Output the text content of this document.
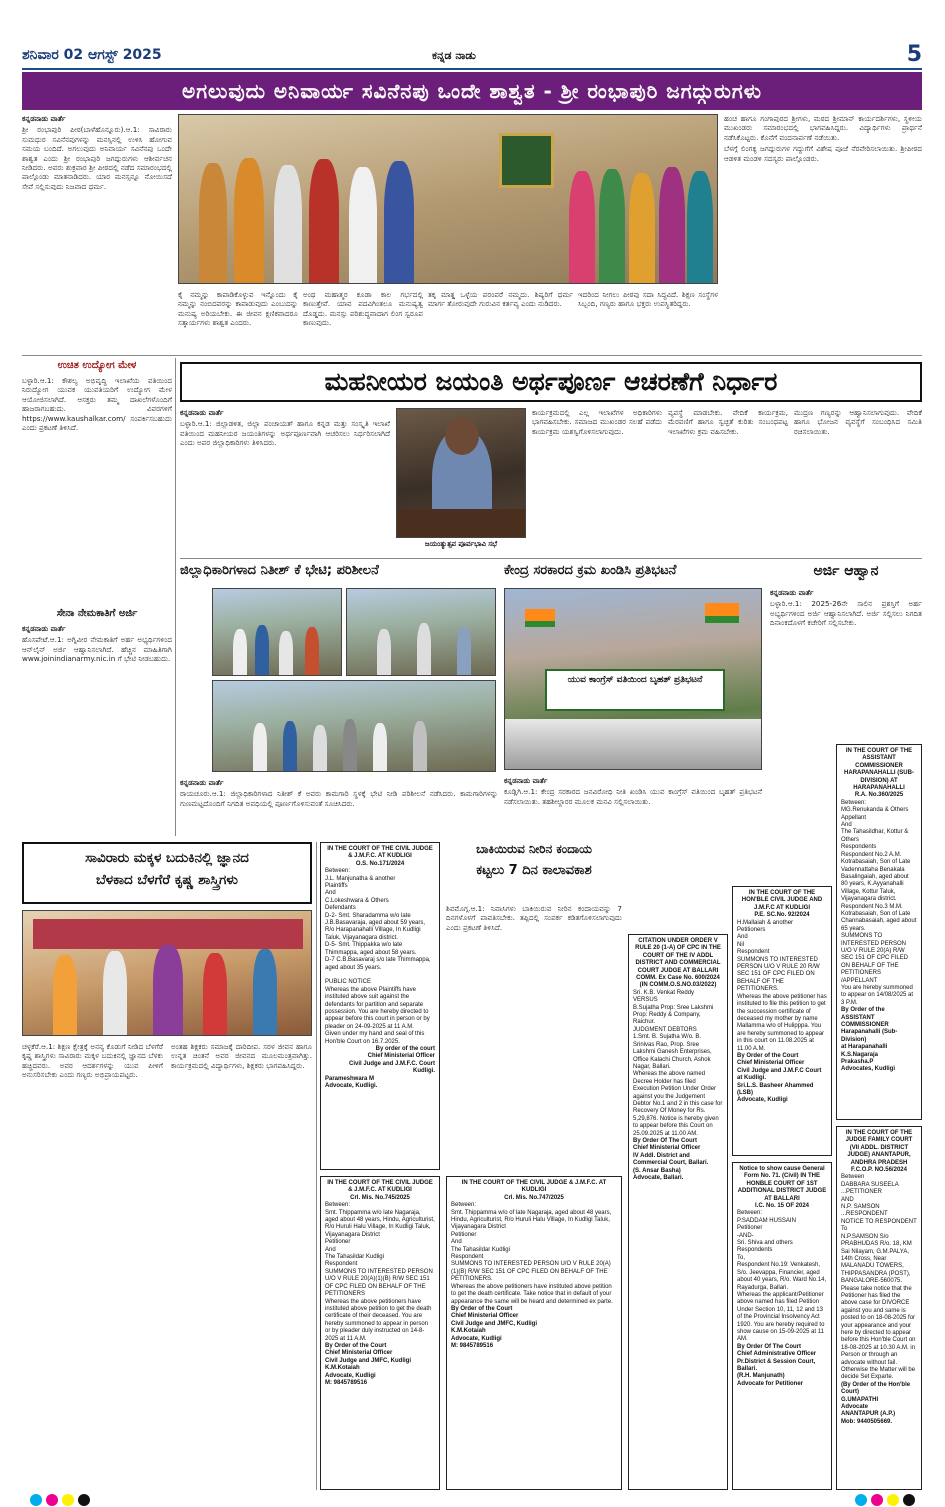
ಶನಿವಾರ 02 ಆಗಸ್ಟ್ 2025	ಕನ್ನಡ ನಾಡು	5
ಅಗಲುವುದು ಅನಿವಾರ್ಯ ಸವಿನೆನಪು ಒಂದೇ ಶಾಶ್ವತ - ಶ್ರೀ ರಂಭಾಪುರಿ ಜಗದ್ಗುರುಗಳು

ಕನ್ನಡನಾಡು ವಾರ್ತೆ

ಶ್ರೀ ರಂಭಾಪುರಿ ಪೀಠ(ಬಾಳೆಹೊನ್ನೂರು).ಆ.1: ಸಾವಿರಾರು ಸುಮಧುರ ಸವಿನೆನಪುಗಳನ್ನು ಮನಸ್ಸಿನಲ್ಲಿ ಉಳಿಸಿ ಹೋಗುವ ಸಮಯ ಬಂದಿದೆ. ಅಗಲುವುದು ಅನಿವಾರ್ಯ ಸವಿನೆನಪು ಒಂದೇ ಶಾಶ್ವತ ಎಂದು ಶ್ರೀ ರಂಭಾಪುರಿ ಜಗದ್ಗುರುಗಳು ಆಶೀರ್ವಚನ ನೀಡಿದರು. ಅವರು ಶುಕ್ರವಾರ ಶ್ರೀ ಪೀಠದಲ್ಲಿ ನಡೆದ ಸಮಾರಂಭದಲ್ಲಿ ಪಾಲ್ಗೊಂಡು ಮಾತನಾಡಿದರು. ಯಾರ ಮನಸ್ಸನ್ನೂ ನೋಯಿಸದೆ ಸೇವೆ ಸಲ್ಲಿಸುವುದು ನಿಜವಾದ ಧರ್ಮ.

ಹಂಚ ಹಾಗೂ ಗಂಗಾಪುರದ ಶ್ರೀಗಳು, ಮಠದ ಶ್ರೀಮಾನ್ ಕಾರ್ಯದರ್ಶಿಗಳು, ಸ್ಥಳೀಯ ಮುಖಂಡರು ಸಮಾರಂಭದಲ್ಲಿ ಭಾಗವಹಿಸಿದ್ದರು. ವಿದ್ಯಾರ್ಥಿಗಳು ಪ್ರಾರ್ಥನೆ ನಡೆಸಿಕೊಟ್ಟರು. ಕೊನೆಗೆ ವಂದನಾರ್ಪಣೆ ನಡೆಯಿತು.

ಬೆಳಗ್ಗೆ ಲಿಂಗಕ್ಯ ಜಗದ್ಗುರುಗಳ ಗದ್ದುಗೆಗೆ ವಿಶೇಷ ಪೂಜೆ ನೆರವೇರಿಸಲಾಯಿತು. ಶ್ರೀಪೀಠದ ಆಡಳಿತ ಮಂಡಳಿ ಸದಸ್ಯರು ಪಾಲ್ಗೊಂಡರು.

ಕೈ ನಮ್ಮನ್ನು ಕಾಪಾಡಿಕೊಳ್ಳುವ ಇನ್ನೊಂದು ಕೈ ನಮ್ಮನ್ನು ನಂಬಿದವರನ್ನು ಕಾಪಾಡುವುದು ಎಂಬುದನ್ನು ಮನುಷ್ಯ ಅರಿಯಬೇಕು. ಈ ಜೀವನ ಕ್ಷಣಿಕವಾದರೂ ಸತ್ಕಾರ್ಯಗಳು ಶಾಶ್ವತ ಎಂದರು.

ಅಂಥ ಮಹಾತ್ಮರ ಕೂಡಾ ಕಾಲ ಗರ್ಭದಲ್ಲಿ ಕಾಣುತ್ತೇವೆ. ಯಾವ ಪದವಿಗಿಂತಲೂ ಮನುಷ್ಯತ್ವ ದೊಡ್ಡದು. ಮನಸ್ಸು ಪರಿಶುದ್ಧವಾದಾಗ ಲಿಂಗ ಸ್ವರೂಪ ಕಾಣುವುದು.

ತಕ್ಕ ಮಾತ್ಡ ಒಳ್ಳೆಯ ಪರಂಪರೆ ನಮ್ಮದು. ಶಿಷ್ಯರಿಗೆ ಧರ್ಮ ಮಾರ್ಗ ತೋರುವುದೇ ಗುರುವಿನ ಕರ್ತವ್ಯ ಎಂದು ನುಡಿದರು.

ಇದರಿಂದ ನೀಗಲು ಪೀಠವು ಸದಾ ಸಿದ್ಧವಿದೆ. ಶಿಕ್ಷಣ ಸಂಸ್ಥೆಗಳ ಸಿಬ್ಬಂದಿ, ಗಣ್ಯರು ಹಾಗೂ ಭಕ್ತರು ಉಪಸ್ಥಿತರಿದ್ದರು.

ಉಚಿತ ಉದ್ಯೋಗ ಮೇಳ
ಬಳ್ಳಾರಿ.ಆ.1: ಕೌಶಲ್ಯ ಅಭಿವೃದ್ಧಿ ಇಲಾಖೆಯ ವತಿಯಿಂದ ನಿರುದ್ಯೋಗ ಯುವಕ ಯುವತಿಯರಿಗೆ ಉದ್ಯೋಗ ಮೇಳ ಆಯೋಜಿಸಲಾಗಿದೆ. ಆಸಕ್ತರು ತಮ್ಮ ದಾಖಲೆಗಳೊಂದಿಗೆ ಹಾಜರಾಗಬಹುದು. ವಿವರಗಳಿಗೆ https://www.kaushalkar.com/ ಸಂಪರ್ಕಿಸಬಹುದು ಎಂದು ಪ್ರಕಟಣೆ ತಿಳಿಸಿದೆ.
ಸೇನಾ ನೇಮಕಾತಿಗೆ ಅರ್ಜಿ

ಕನ್ನಡನಾಡು ವಾರ್ತೆ

ಹೊಸಪೇಟೆ.ಆ.1: ಅಗ್ನಿವೀರ ನೇಮಕಾತಿಗೆ ಅರ್ಹ ಅಭ್ಯರ್ಥಿಗಳಿಂದ ಆನ್‌ಲೈನ್ ಅರ್ಜಿ ಆಹ್ವಾನಿಸಲಾಗಿದೆ. ಹೆಚ್ಚಿನ ಮಾಹಿತಿಗಾಗಿ www.joinindianarmy.nic.in ಗೆ ಭೇಟಿ ನೀಡಬಹುದು.

ಮಹನೀಯರ ಜಯಂತಿ ಅರ್ಥಪೂರ್ಣ ಆಚರಣೆಗೆ ನಿರ್ಧಾರ

ಕನ್ನಡನಾಡು ವಾರ್ತೆ

ಬಳ್ಳಾರಿ.ಆ.1: ಜಿಲ್ಲಾಡಳಿತ, ಜಿಲ್ಲಾ ಪಂಚಾಯತ್ ಹಾಗೂ ಕನ್ನಡ ಮತ್ತು ಸಂಸ್ಕೃತಿ ಇಲಾಖೆ ವತಿಯಿಂದ ಮಹನೀಯರ ಜಯಂತಿಗಳನ್ನು ಅರ್ಥಪೂರ್ಣವಾಗಿ ಆಚರಿಸಲು ನಿರ್ಧರಿಸಲಾಗಿದೆ ಎಂದು ಅಪರ ಜಿಲ್ಲಾಧಿಕಾರಿಗಳು ತಿಳಿಸಿದರು.

ಜಯಂತ್ಯುತ್ಸವ ಪೂರ್ವಭಾವಿ ಸಭೆ

ಕಾರ್ಯಕ್ರಮದಲ್ಲಿ ಎಲ್ಲ ಇಲಾಖೆಗಳ ಅಧಿಕಾರಿಗಳು ಭಾಗವಹಿಸಬೇಕು. ಸಮಾಜದ ಮುಖಂಡರ ಸಲಹೆ ಪಡೆದು ಕಾರ್ಯಕ್ರಮ ಯಶಸ್ವಿಗೊಳಿಸಲಾಗುವುದು.

ವ್ಯವಸ್ಥೆ ಮಾಡಬೇಕು. ವೇದಿಕೆ ಕಾರ್ಯಕ್ರಮ, ಮೆರವಣಿಗೆ ಹಾಗೂ ಸ್ವಚ್ಛತೆ ಕುರಿತು ಸಂಬಂಧಪಟ್ಟ ಇಲಾಖೆಗಳು ಕ್ರಮ ವಹಿಸಬೇಕು.

ಮುದ್ರಣ ಗಣ್ಯರನ್ನು ಆಹ್ವಾನಿಸಲಾಗುವುದು. ವೇದಿಕೆ ಹಾಗೂ ಭೋಜನ ವ್ಯವಸ್ಥೆಗೆ ಸಂಬಂಧಿಸಿದ ಸಮಿತಿ ರಚಿಸಲಾಯಿತು.

ಜಿಲ್ಲಾಧಿಕಾರಿಗಳಾದ ನಿತೀಶ್ ಕೆ ಭೇಟಿ; ಪರಿಶೀಲನೆ

ಕನ್ನಡನಾಡು ವಾರ್ತೆ

ರಾಯಚೂರು.ಆ.1: ಜಿಲ್ಲಾಧಿಕಾರಿಗಳಾದ ನಿತೀಶ್ ಕೆ ಅವರು ಕಾಮಗಾರಿ ಸ್ಥಳಕ್ಕೆ ಭೇಟಿ ನೀಡಿ ಪರಿಶೀಲನೆ ನಡೆಸಿದರು. ಕಾಮಗಾರಿಗಳನ್ನು ಗುಣಮಟ್ಟದೊಂದಿಗೆ ನಿಗದಿತ ಅವಧಿಯಲ್ಲಿ ಪೂರ್ಣಗೊಳಿಸುವಂತೆ ಸೂಚಿಸಿದರು.

ಕೇಂದ್ರ ಸರಕಾರದ ಕ್ರಮ ಖಂಡಿಸಿ ಪ್ರತಿಭಟನೆ
ಯುವ ಕಾಂಗ್ರೆಸ್ ವತಿಯಿಂದ ಬೃಹತ್ ಪ್ರತಿಭಟನೆ

ಕನ್ನಡನಾಡು ವಾರ್ತೆ

ಕೂಡ್ಲಿಗಿ.ಆ.1: ಕೇಂದ್ರ ಸರಕಾರದ ಜನವಿರೋಧಿ ನೀತಿ ಖಂಡಿಸಿ ಯುವ ಕಾಂಗ್ರೆಸ್ ವತಿಯಿಂದ ಬೃಹತ್ ಪ್ರತಿಭಟನೆ ನಡೆಸಲಾಯಿತು. ತಹಶೀಲ್ದಾರರ ಮೂಲಕ ಮನವಿ ಸಲ್ಲಿಸಲಾಯಿತು.

ಅರ್ಜಿ ಆಹ್ವಾನ

ಕನ್ನಡನಾಡು ವಾರ್ತೆ

ಬಳ್ಳಾರಿ.ಆ.1: 2025-26ನೇ ಸಾಲಿನ ಪ್ರಶಸ್ತಿಗೆ ಅರ್ಹ ಅಭ್ಯರ್ಥಿಗಳಿಂದ ಅರ್ಜಿ ಆಹ್ವಾನಿಸಲಾಗಿದೆ. ಅರ್ಜಿ ಸಲ್ಲಿಸಲು ನಿಗದಿತ ದಿನಾಂಕದೊಳಗೆ ಕಚೇರಿಗೆ ಸಲ್ಲಿಸಬೇಕು.

ಸಾವಿರಾರು ಮಕ್ಕಳ ಬದುಕಿನಲ್ಲಿ ಜ್ಞಾನದ
ಬೆಳಕಾದ ಬೆಳಗೆರೆ ಕೃಷ್ಣ ಶಾಸ್ತ್ರಿಗಳು

ಚಳ್ಳಕೆರೆ.ಆ.1: ಶಿಕ್ಷಣ ಕ್ಷೇತ್ರಕ್ಕೆ ಅನನ್ಯ ಕೊಡುಗೆ ನೀಡಿದ ಬೆಳಗೆರೆ ಕೃಷ್ಣ ಶಾಸ್ತ್ರಿಗಳು ಸಾವಿರಾರು ಮಕ್ಕಳ ಬದುಕಿನಲ್ಲಿ ಜ್ಞಾನದ ಬೆಳಕು ಹಚ್ಚಿದವರು. ಅವರ ಆದರ್ಶಗಳನ್ನು ಯುವ ಪೀಳಿಗೆ ಅನುಸರಿಸಬೇಕು ಎಂದು ಗಣ್ಯರು ಅಭಿಪ್ರಾಯಪಟ್ಟರು.

ಅಂತಹ ಶಿಕ್ಷಕರು ಸಮಾಜಕ್ಕೆ ದಾರಿದೀಪ. ಸರಳ ಜೀವನ ಹಾಗೂ ಉನ್ನತ ಚಿಂತನೆ ಅವರ ಜೀವನದ ಮೂಲಮಂತ್ರವಾಗಿತ್ತು. ಕಾರ್ಯಕ್ರಮದಲ್ಲಿ ವಿದ್ಯಾರ್ಥಿಗಳು, ಶಿಕ್ಷಕರು ಭಾಗವಹಿಸಿದ್ದರು.

IN THE COURT OF THE CIVIL JUDGE & J.M.F.C. AT KUDLIGI
O.S. No.171/2024
Between:
J.L. Manjunatha & another
Plaintiffs
And
C.Lokeshwara & Others
Defendants
D-2- Smt. Sharadamma w/o late J.B.Basavaraja, aged about 59 years, R/o Harapanahalli Village, In Kudligi Taluk, Vijayanagara district.
D-5- Smt. Thippakka w/o late Thimmappa, aged about 58 years.
D-7 C.B.Basavaraj s/o late Thimmappa, aged about 35 years.

PUBLIC NOTICE
Whereas the above Plaintiffs have instituted above suit against the defendants for partition and separate possession. You are hereby directed to appear before this court in person or by pleader on 24-09-2025 at 11 A.M.
Given under my hand and seal of this Hon'ble Court on 16.7.2025.
By order of the court
Chief Ministerial Officer
Civil Judge and J.M.F.C. Court
Kudligi.
Parameshwara M
Advocate, Kudligi.
IN THE COURT OF THE CIVIL JUDGE & J.M.F.C. AT KUDLIGI
Crl. Mis. No.745/2025
Between:
Smt. Thippamma w/o late Nagaraja, aged about 48 years, Hindu, Agriculturist, R/o Huruli Halu Village, In Kudligi Taluk, Vijayanagara District
Petitioner
And
The Tahasildar Kudligi
Respondent
SUMMONS TO INTERESTED PERSON U/O V RULE 20(A)(1)(B) R/W SEC 151 OF CPC FILED ON BEHALF OF THE PETITIONERS
Whereas the above petitioners have instituted above petition to get the death certificate of their deceased. You are hereby summoned to appear in person or by pleader duly instructed on 14-8-2025 at 11 A.M.
By Order of the Court
Chief Ministerial Officer
Civil Judge and JMFC, Kudligi
K.M.Kotaiah
Advocate, Kudligi
M: 9845789516
ಬಾಕಿಯಿರುವ ನೀರಿನ ಕಂದಾಯ
ಕಟ್ಟಲು 7 ದಿನ ಕಾಲಾವಕಾಶ
ಶಿವಮೊಗ್ಗ.ಆ.1: ನಿವಾಸಿಗಳು ಬಾಕಿಯಿರುವ ನೀರಿನ ಕಂದಾಯವನ್ನು 7 ದಿನಗಳೊಳಗೆ ಪಾವತಿಸಬೇಕು. ತಪ್ಪಿದಲ್ಲಿ ಸಂಪರ್ಕ ಕಡಿತಗೊಳಿಸಲಾಗುವುದು ಎಂದು ಪ್ರಕಟಣೆ ತಿಳಿಸಿದೆ.
IN THE COURT OF THE CIVIL JUDGE & J.M.F.C. AT KUDLIGI
Crl. Mis. No.747/2025
Between:
Smt. Thippamma w/o of late Nagaraja, aged about 48 years, Hindu, Agriculturist, R/o Huruli Halu Village, In Kudligi Taluk, Vijayanagara District
Petitioner
And
The Tahasildar Kudligi
Respondent
SUMMONS TO INTERESTED PERSON U/O V RULE 20(A)(1)(B) R/W SEC 151 OF CPC FILED ON BEHALF OF THE PETITIONERS.
Whereas the above petitioners have instituted above petition to get the death certificate. Take notice that in default of your appearance the same will be heard and determined ex parte.
By Order of the Court
Chief Ministerial Officer
Civil Judge and JMFC, Kudligi
K.M.Kotaiah
Advocate, Kudligi
M: 9845789516
CITATION UNDER ORDER V RULE 20 (1-A) OF CPC IN THE COURT OF THE IV ADDL DISTRICT AND COMMERCIAL COURT JUDGE AT BALLARI
COMM. Ex Case No. 600/2024 (IN COMM.O.S.NO.03/2022)
Sri. K.B. Venkat Reddy
VERSUS
B.Sujatha Prop: Sree Lakshmi Prop: Reddy & Company, Raichur.
JUDGMENT DEBTORS
1.Smt. B. Sujatha W/o. B. Srinivas Rao, Prop. Sree Lakshmi Ganesh Enterprises, Office Kalachi Church, Ashok Nagar, Ballari.
Whereas the above named Decree Holder has filed Execution Petition Under Order against you the Judgement Debtor No.1 and 2 in this case for Recovery Of Money for Rs. 5,29,876. Notice is hereby given to appear before this Court on 25.09.2025 at 11.00 AM.
By Order Of The Court
Chief Ministerial Officer
IV Addl. District and Commercial Court, Ballari.
(S. Ansar Basha)
Advocate, Ballari.
IN THE COURT OF THE HON'BLE CIVIL JUDGE AND J.M.F.C AT KUDLIGI
P.E. SC.No. 92/2024
H.Mallaiah & another
Petitioners
And
Nil
Respondent
SUMMONS TO INTERESTED PERSON U/O V RULE 20 R/W SEC 151 OF CPC FILED ON BEHALF OF THE PETITIONERS.
Whereas the above petitioner has instituted to file this petition to get the succession certificate of deceased my mother by name Mallamma w/o of Hulipppa. You are hereby summoned to appear in this court on 11.08.2025 at 11.00 A.M.
By Order of the Court
Chief Ministerial Officer
Civil Judge and J.M.F.C Court at Kudligi.
Sri.L.S. Basheer Ahammed (LSB)
Advocate, Kudligi
Notice to show cause General Form No. 71. (Civil) IN THE HONBLE COURT OF 1ST ADDITIONAL DISTRICT JUDGE AT BALLARI
I.C. No. 15 OF 2024
Between:
P.SADDAM HUSSAIN
Petitioner
-AND-
Sri. Shiva and others
Respondents
To,
Respondent No.19: Venkatesh, S/o. Jeevappa, Financier, aged about 40 years, R/o. Ward No.14, Rayadurga, Ballari.
Whereas the applicant/Petitioner above named has filed Petition Under Section 10, 11, 12 and 13 of the Provincial Insolvency Act 1920. You are hereby required to show cause on 15-09-2025 at 11 AM.
By Order Of The Court
Chief Administrative Officer
Pr.District & Session Court, Ballari.
(R.H. Manjunath)
Advocate for Petitioner
IN THE COURT OF THE ASSISTANT COMMISSIONER HARAPANAHALLI (SUB-DIVISION) AT HARAPANAHALLI
R.A. No.360/2025
Between:
MG.Renukanda & Others
Appellant
And
The Tahasildhar, Kottur & Others
Respondents
Respondent No.2 A.M. Kotrabasaiah, Son of Late Vadennattaha Benakala Basalingaiah, aged about 80 years, K.Ayyanahalli Village, Kottur Taluk, Vijayanagara district.
Respondent No.3 M.M. Kotrabasaiah, Son of Late Channabasaiah, aged about 65 years.
SUMMONS TO INTERESTED PERSON U/O V RULE 20(A) R/W SEC 151 OF CPC FILED ON BEHALF OF THE PETITIONERS /APPELLANT
You are hereby summoned to appear on 14/08/2025 at 3 P.M.
By Order of the
ASSISTANT COMMISSIONER
Harapanahalli (Sub-Division)
at Harapanahalli
K.S.Nagaraja
Prakasha.P
Advocates, Kudligi
IN THE COURT OF THE JUDGE FAMILY COURT (VII ADDL. DISTRICT JUDGE) ANANTAPUR, ANDHRA PRADESH
F.C.O.P. NO.56/2024
Between
DABBARA SUSEELA ...PETITIONER
AND
N.P. SAMSON ...RESPONDENT
NOTICE TO RESPONDENT
To
N.P.SAMSON S/o PRABHUDAS R/o. 18, KM Sai Nilayam, G.M.PALYA, 14th Cross, Near MALANADU TOWERS, THIPPASANDRA (POST), BANGALORE-560075.
Please take notice that the Petitioner has filed the above case for DIVORCE against you and same is posted to on 18-08-2025 for your appearance and your here by directed to appear before this Hon'ble Court on 18-08-2025 at 10.30 A.M. in Person or through an advocate without fail. Otherwise the Matter will be decide Set Exparte.
(By Order of the Hon'ble Court)
G.UMAPATHI
Advocate
ANANTAPUR (A.P.)
Mob: 9440505669.
